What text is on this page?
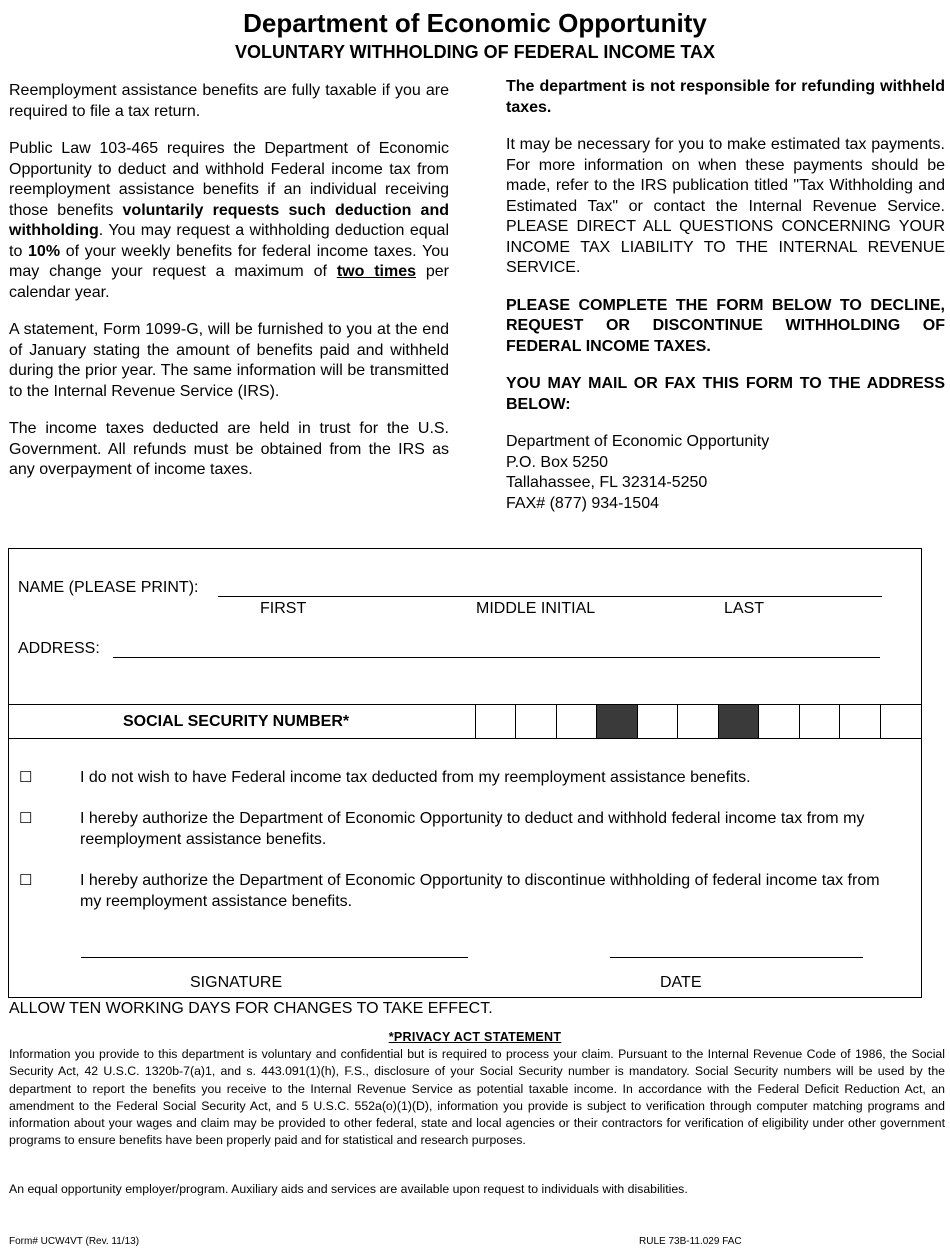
Department of Economic Opportunity
VOLUNTARY WITHHOLDING OF FEDERAL INCOME TAX

Reemployment assistance benefits are fully taxable if you are required to file a tax return.

Public Law 103-465 requires the Department of Economic Opportunity to deduct and withhold Federal income tax from reemployment assistance benefits if an individual receiving those benefits voluntarily requests such deduction and withholding. You may request a withholding deduction equal to 10% of your weekly benefits for federal income taxes. You may change your request a maximum of two times per calendar year.

A statement, Form 1099-G, will be furnished to you at the end of January stating the amount of benefits paid and withheld during the prior year. The same information will be transmitted to the Internal Revenue Service (IRS).

The income taxes deducted are held in trust for the U.S. Government. All refunds must be obtained from the IRS as any overpayment of income taxes.

The department is not responsible for refunding withheld taxes.

It may be necessary for you to make estimated tax payments. For more information on when these payments should be made, refer to the IRS publication titled "Tax Withholding and Estimated Tax" or contact the Internal Revenue Service. PLEASE DIRECT ALL QUESTIONS CONCERNING YOUR INCOME TAX LIABILITY TO THE INTERNAL REVENUE SERVICE.

PLEASE COMPLETE THE FORM BELOW TO DECLINE, REQUEST OR DISCONTINUE WITHHOLDING OF FEDERAL INCOME TAXES.

YOU MAY MAIL OR FAX THIS FORM TO THE ADDRESS BELOW:

Department of Economic Opportunity

P.O. Box 5250

Tallahassee, FL 32314-5250

FAX# (877) 934-1504

NAME (PLEASE PRINT):
FIRST	MIDDLE INITIAL	LAST
ADDRESS:
SOCIAL SECURITY NUMBER*
☐	I do not wish to have Federal income tax deducted from my reemployment assistance benefits.
☐	I hereby authorize the Department of Economic Opportunity to deduct and withhold federal income tax from my reemployment assistance benefits.
☐	I hereby authorize the Department of Economic Opportunity to discontinue withholding of federal income tax from my reemployment assistance benefits.
SIGNATURE	DATE
ALLOW TEN WORKING DAYS FOR CHANGES TO TAKE EFFECT.
*PRIVACY ACT STATEMENT
Information you provide to this department is voluntary and confidential but is required to process your claim. Pursuant to the Internal Revenue Code of 1986, the Social Security Act, 42 U.S.C. 1320b-7(a)1, and s. 443.091(1)(h), F.S., disclosure of your Social Security number is mandatory. Social Security numbers will be used by the department to report the benefits you receive to the Internal Revenue Service as potential taxable income. In accordance with the Federal Deficit Reduction Act, an amendment to the Federal Social Security Act, and 5 U.S.C. 552a(o)(1)(D), information you provide is subject to verification through computer matching programs and information about your wages and claim may be provided to other federal, state and local agencies or their contractors for verification of eligibility under other government programs to ensure benefits have been properly paid and for statistical and research purposes.
An equal opportunity employer/program. Auxiliary aids and services are available upon request to individuals with disabilities.
Form# UCW4VT (Rev. 11/13)	RULE 73B-11.029 FAC
